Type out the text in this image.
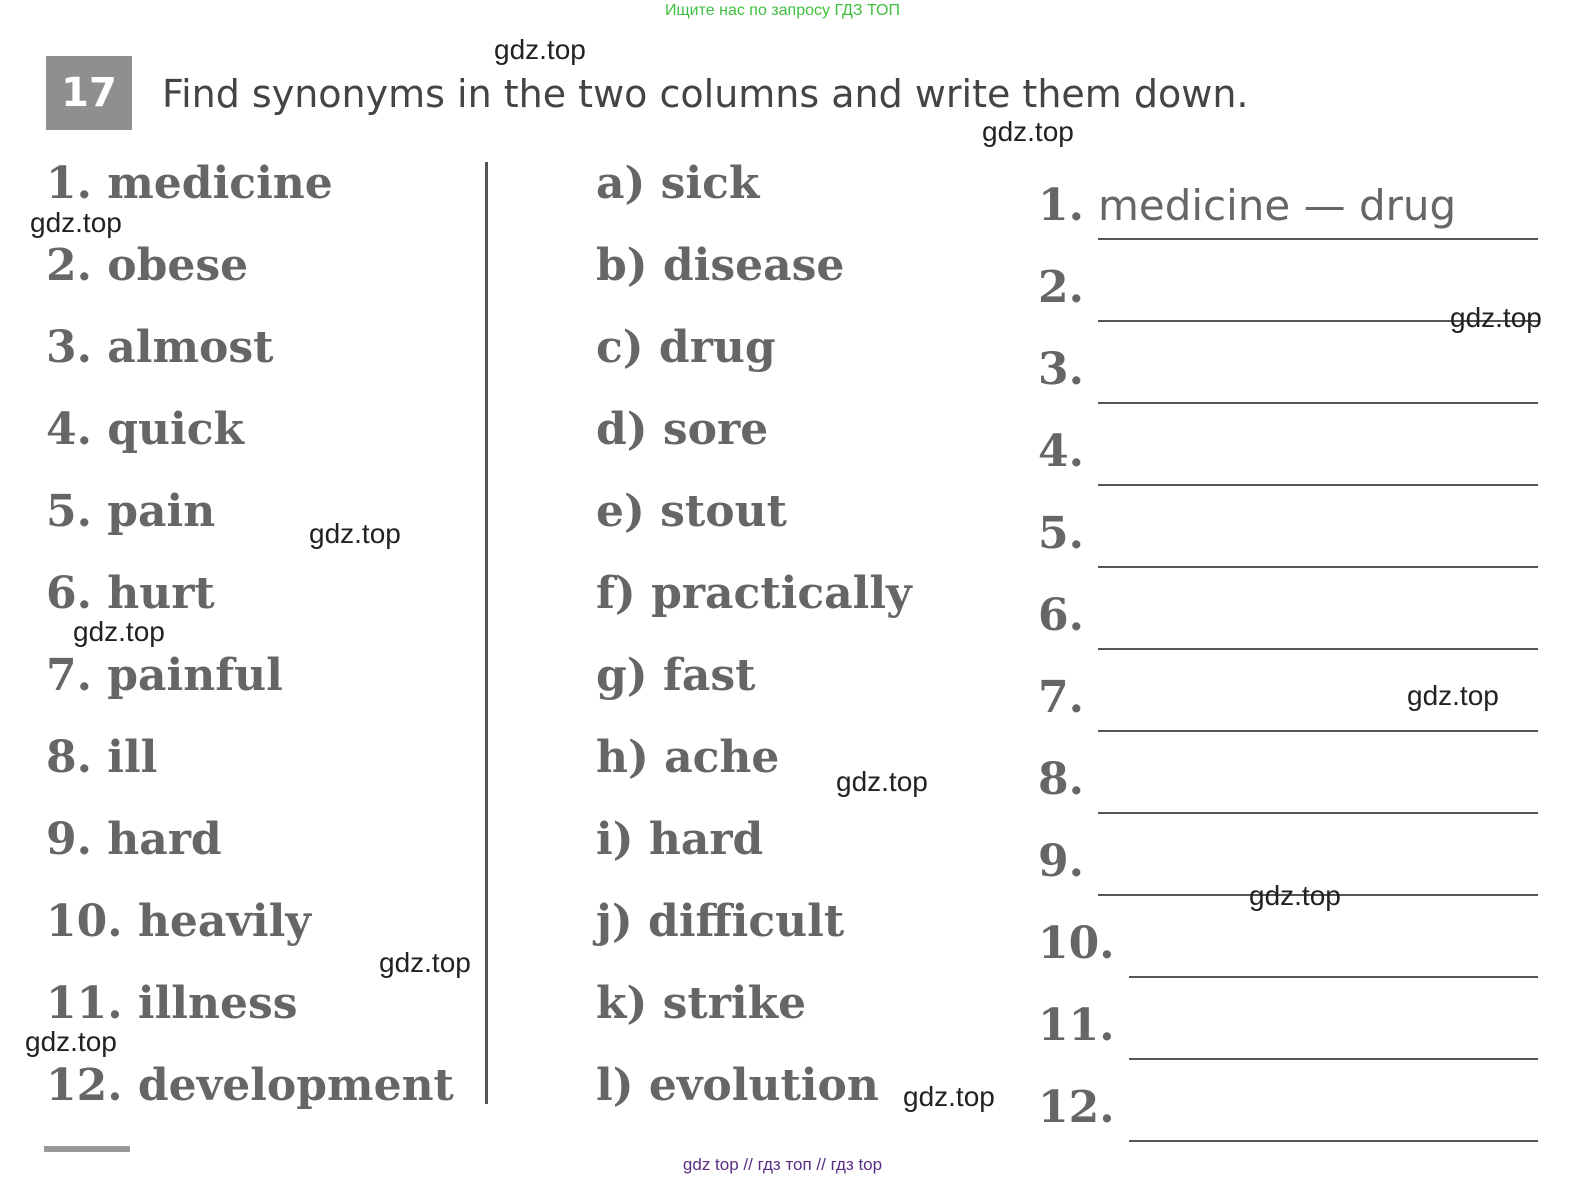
Ищите нас по запросу ГДЗ ТОП
17	Find synonyms in the two columns and write them down.
1. medicine
2. obese
3. almost
4. quick
5. pain
6. hurt
7. painful
8. ill
9. hard
10. heavily
11. illness
12. development
a) sick
b) disease
c) drug
d) sore
e) stout
f) practically
g) fast
h) ache
i) hard
j) difficult
k) strike
l) evolution
1. medicine — drug
2.
3.
4.
5.
6.
7.
8.
9.
10.
11.
12.
gdz.top
gdz.top
gdz.top
gdz.top
gdz.top
gdz.top
gdz.top
gdz.top
gdz.top
gdz.top
gdz.top
gdz.top
gdz top // гдз топ // гдз top
